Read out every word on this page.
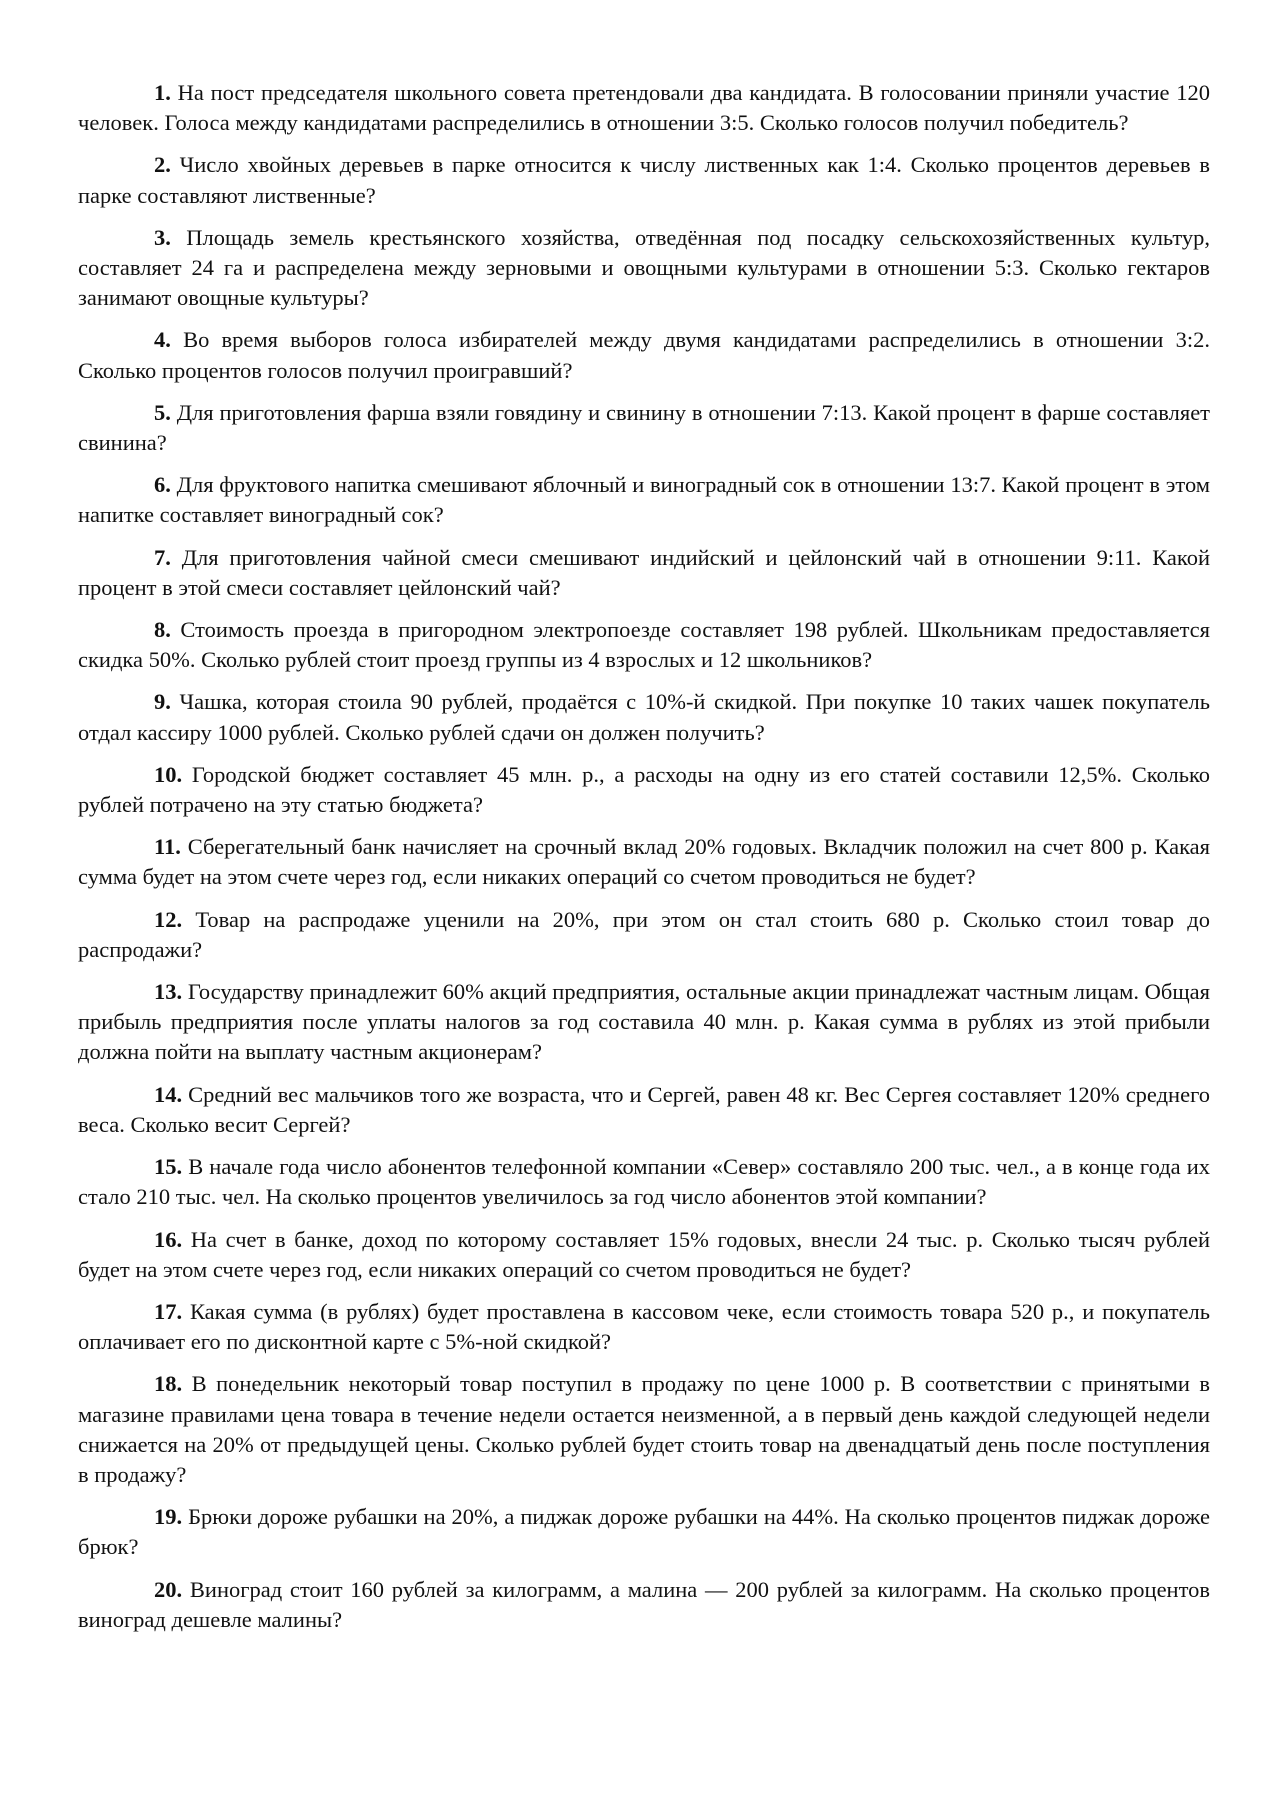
1. На пост председателя школьного совета претендовали два кандидата. В голосовании приняли участие 120 человек. Голоса между кандидатами распределились в отношении 3:5. Сколько голосов получил победитель?

2. Число хвойных деревьев в парке относится к числу лиственных как 1:4. Сколько процентов деревьев в парке составляют лиственные?

3. Площадь земель крестьянского хозяйства, отведённая под посадку сельскохозяйственных культур, составляет 24 га и распределена между зерновыми и овощными культурами в отношении 5:3. Сколько гектаров занимают овощные культуры?

4. Во время выборов голоса избирателей между двумя кандидатами распределились в отношении 3:2. Сколько процентов голосов получил проигравший?

5. Для приготовления фарша взяли говядину и свинину в отношении 7:13. Какой процент в фарше составляет свинина?

6. Для фруктового напитка смешивают яблочный и виноградный сок в отношении 13:7. Какой процент в этом напитке составляет виноградный сок?

7. Для приготовления чайной смеси смешивают индийский и цейлонский чай в отношении 9:11. Какой процент в этой смеси составляет цейлонский чай?

8. Стоимость проезда в пригородном электропоезде составляет 198 рублей. Школьникам предоставляется скидка 50%. Сколько рублей стоит проезд группы из 4 взрослых и 12 школьников?

9. Чашка, которая стоила 90 рублей, продаётся с 10%-й скидкой. При покупке 10 таких чашек покупатель отдал кассиру 1000 рублей. Сколько рублей сдачи он должен получить?

10. Городской бюджет составляет 45 млн. р., а расходы на одну из его статей составили 12,5%. Сколько рублей потрачено на эту статью бюджета?

11. Сберегательный банк начисляет на срочный вклад 20% годовых. Вкладчик положил на счет 800 р. Какая сумма будет на этом счете через год, если никаких операций со счетом проводиться не будет?

12. Товар на распродаже уценили на 20%, при этом он стал стоить 680 р. Сколько стоил товар до распродажи?

13. Государству принадлежит 60% акций предприятия, остальные акции принадлежат частным лицам. Общая прибыль предприятия после уплаты налогов за год составила 40 млн. р. Какая сумма в рублях из этой прибыли должна пойти на выплату частным акционерам?

14. Средний вес мальчиков того же возраста, что и Сергей, равен 48 кг. Вес Сергея составляет 120% среднего веса. Сколько весит Сергей?

15. В начале года число абонентов телефонной компании «Север» составляло 200 тыс. чел., а в конце года их стало 210 тыс. чел. На сколько процентов увеличилось за год число абонентов этой компании?

16. На счет в банке, доход по которому составляет 15% годовых, внесли 24 тыс. р. Сколько тысяч рублей будет на этом счете через год, если никаких операций со счетом проводиться не будет?

17. Какая сумма (в рублях) будет проставлена в кассовом чеке, если стоимость товара 520 р., и покупатель оплачивает его по дисконтной карте с 5%-ной скидкой?

18. В понедельник некоторый товар поступил в продажу по цене 1000 р. В соответствии с принятыми в магазине правилами цена товара в течение недели остается неизменной, а в первый день каждой следующей недели снижается на 20% от предыдущей цены. Сколько рублей будет стоить товар на двенадцатый день после поступления в продажу?

19. Брюки дороже рубашки на 20%, а пиджак дороже рубашки на 44%. На сколько процентов пиджак дороже брюк?

20. Виноград стоит 160 рублей за килограмм, а малина — 200 рублей за килограмм. На сколько процентов виноград дешевле малины?
